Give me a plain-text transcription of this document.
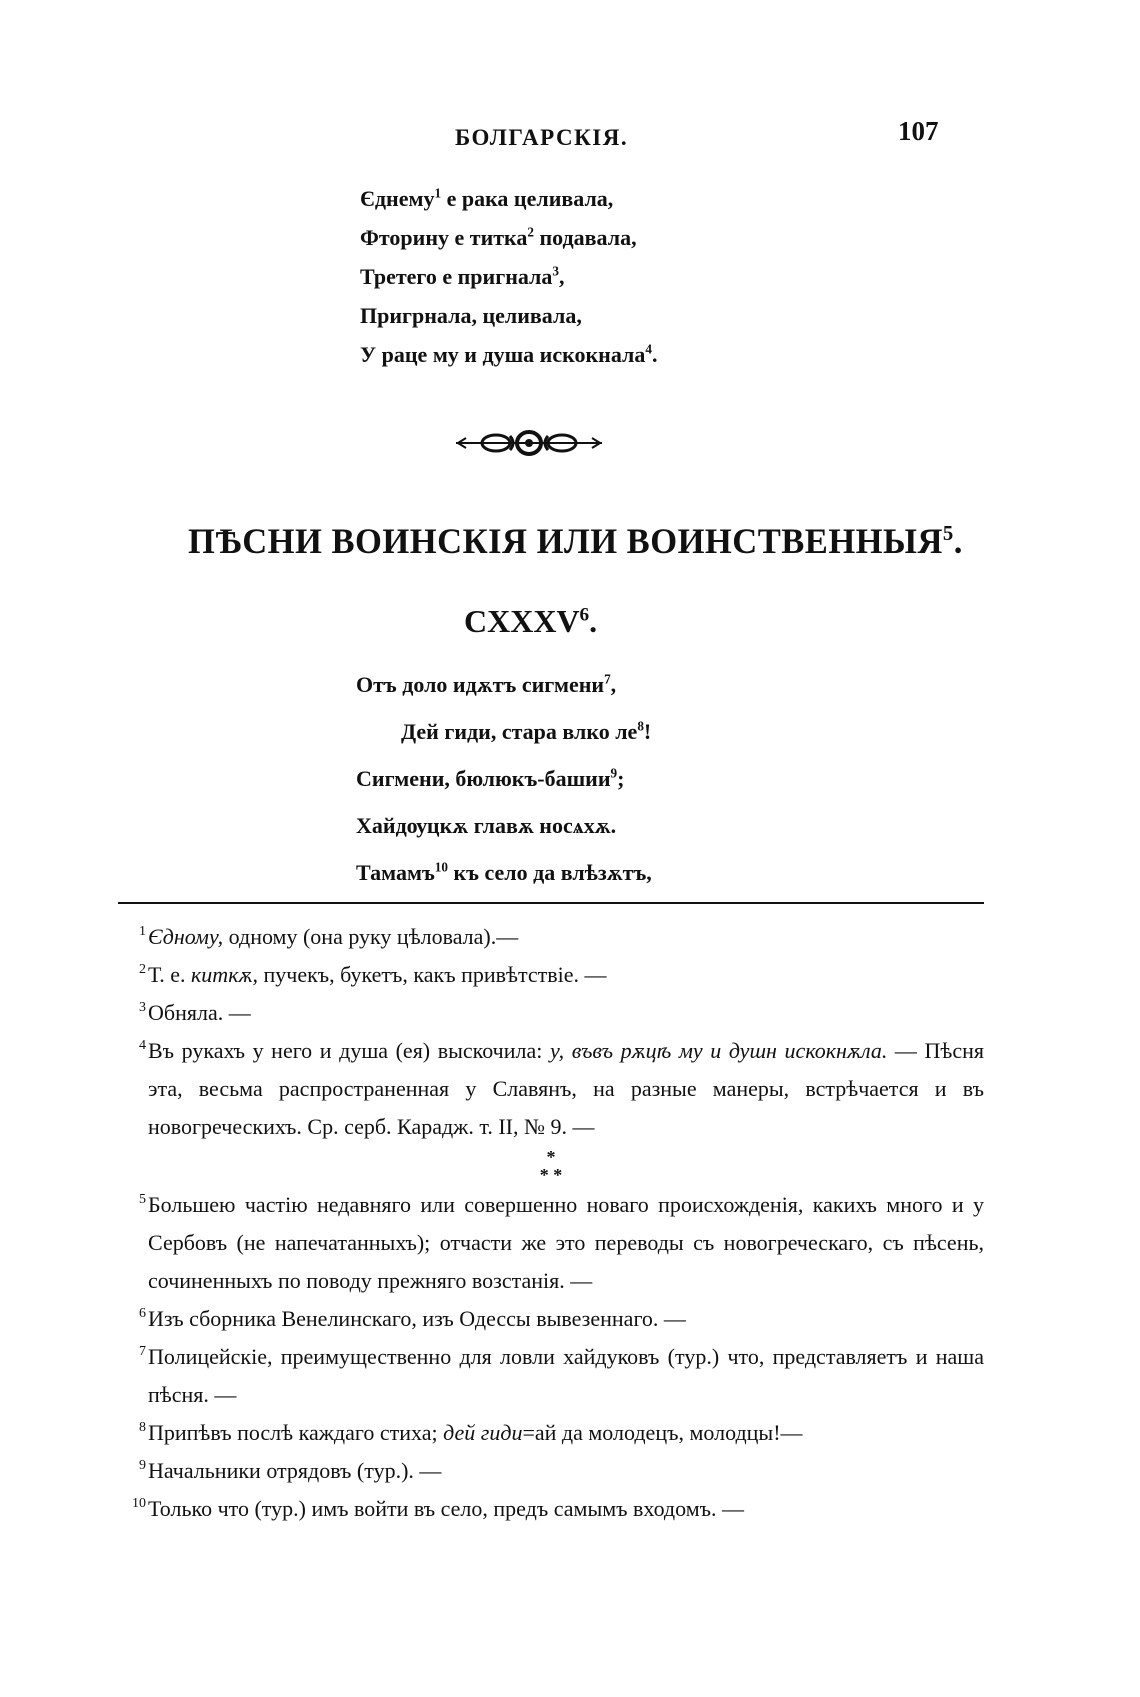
БОЛГАРСКІЯ.	107
Єднему$^1$ е рака целивала,
Фторину е титка$^2$ подавала,
Третего е пригнала$^3$,
Пригрнала, целивала,
У раце му и душа искокнала$^4$.
ПѢСНИ ВОИНСКІЯ ИЛИ ВОИНСТВЕННЫЯ$^5$.
CXXXV$^6$.
Отъ доло идѫтъ сигмени$^7$,
Дей гиди, стара влко $ле^8$!
Сигмени, бюлюкъ-башии$^9$;
Хайдѹцкѫ главѫ носѧхѫ.
Тамамъ$^{10}$ къ село да влѣзѫтъ,
1 Єдному, одному (она руку цѣловала).—
2 Т. е. киткѫ, пучекъ, букетъ, какъ привѣтствіе. —
3 Обняла. —
4 Въ рукахъ у него и душа (ея) выскочила: у, въвъ рѫцѣ му и душн искокнѫла. — Пѣсня эта, весьма распространенная у Славянъ, на разные манеры, встрѣчается и въ новогреческихъ. Ср. серб. Карадж. т. II, № 9. —
*
* *
5 Большею частію недавняго или совершенно новаго происхожденія, какихъ много и у Сербовъ (не напечатанныхъ); отчасти же это переводы съ новогреческаго, съ пѣсень, сочиненныхъ по поводу прежняго возстанія. —
6 Изъ сборника Венелинскаго, изъ Одессы вывезеннаго. —
7 Полицейскіе, преимущественно для ловли хайдуковъ (тур.) что, представляетъ и наша пѣсня. —
8 Припѣвъ послѣ каждаго стиха; дей гиди=ай да молодецъ, молодцы!—
9 Начальники отрядовъ (тур.). —
10 Только что (тур.) имъ войти въ село, предъ самымъ входомъ. —
